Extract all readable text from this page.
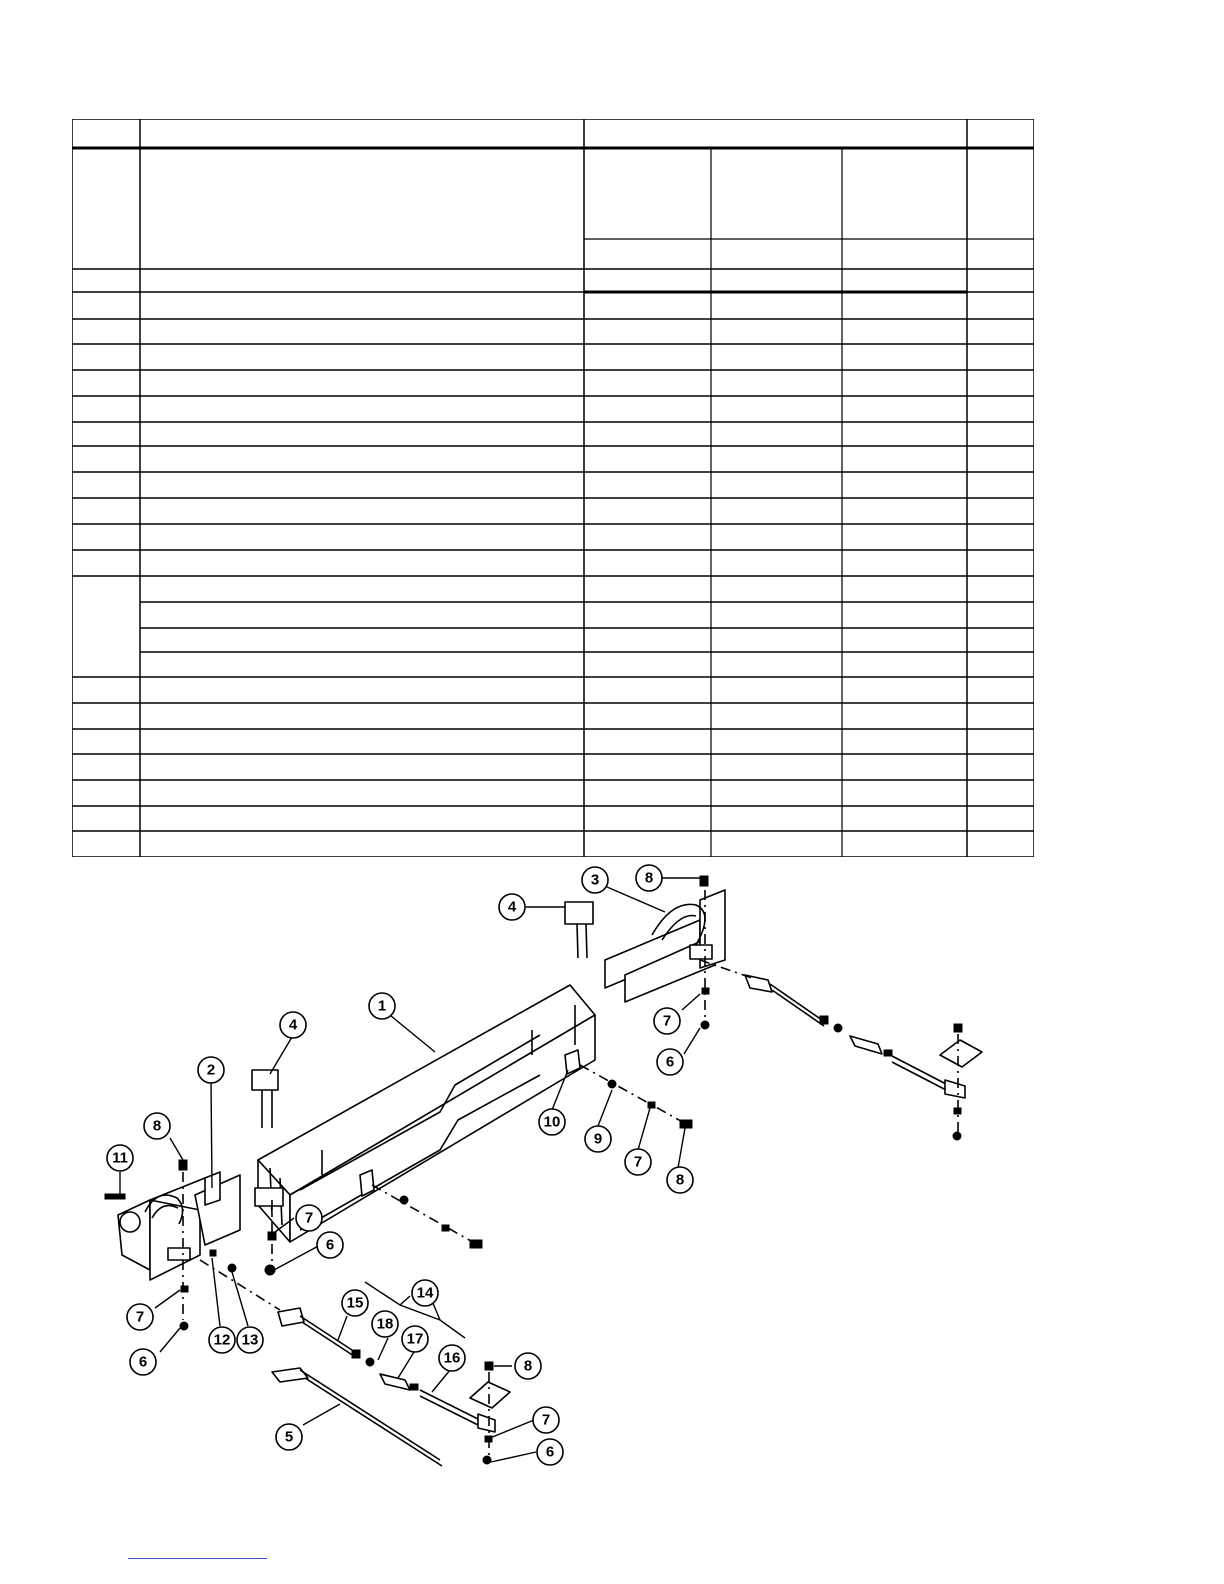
1
2
3
4
4
5
6
6
6
6
7
7
7
7
7
8
8
8
8
9
10
11
12 13
14
15
16
17
18
